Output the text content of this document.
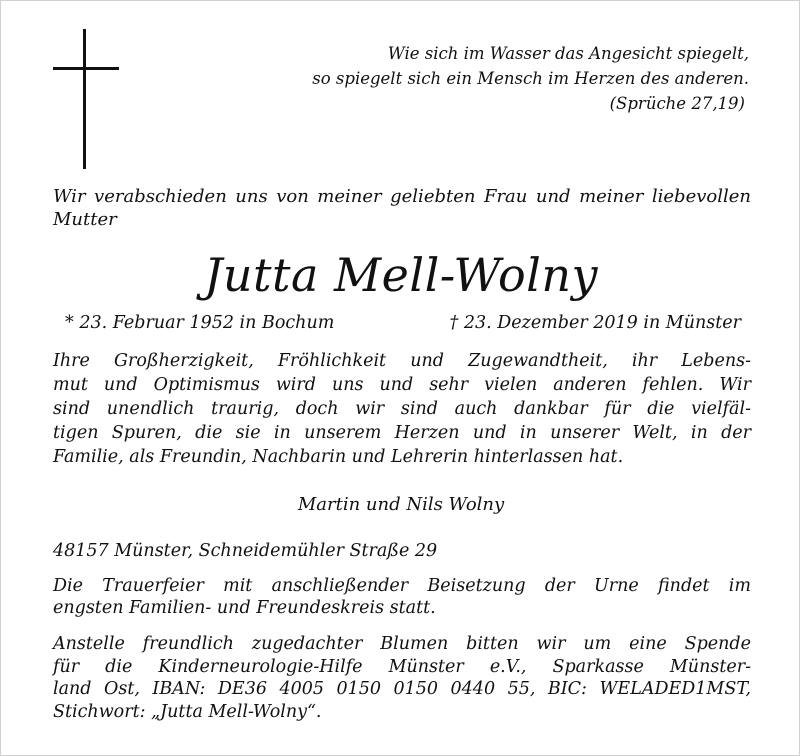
Wie sich im Wasser das Angesicht spiegelt,
so spiegelt sich ein Mensch im Herzen des anderen.
(Sprüche 27,19)
Wir verabschieden uns von meiner geliebten Frau und meiner liebevollen Mutter
Jutta Mell-Wolny
* 23. Februar 1952 in Bochum	† 23. Dezember 2019 in Münster
Ihre Großherzigkeit, Fröhlichkeit und Zugewandtheit, ihr Lebens-
mut und Optimismus wird uns und sehr vielen anderen fehlen. Wir
sind unendlich traurig, doch wir sind auch dankbar für die vielfäl-
tigen Spuren, die sie in unserem Herzen und in unserer Welt, in der
Familie, als Freundin, Nachbarin und Lehrerin hinterlassen hat.
Martin und Nils Wolny
48157 Münster, Schneidemühler Straße 29
Die Trauerfeier mit anschließender Beisetzung der Urne findet im
engsten Familien- und Freundeskreis statt.
Anstelle freundlich zugedachter Blumen bitten wir um eine Spende
für die Kinderneurologie-Hilfe Münster e.V., Sparkasse Münster-
land Ost, IBAN: DE36 4005 0150 0150 0440 55, BIC: WELADED1MST,
Stichwort: „Jutta Mell-Wolny“.
